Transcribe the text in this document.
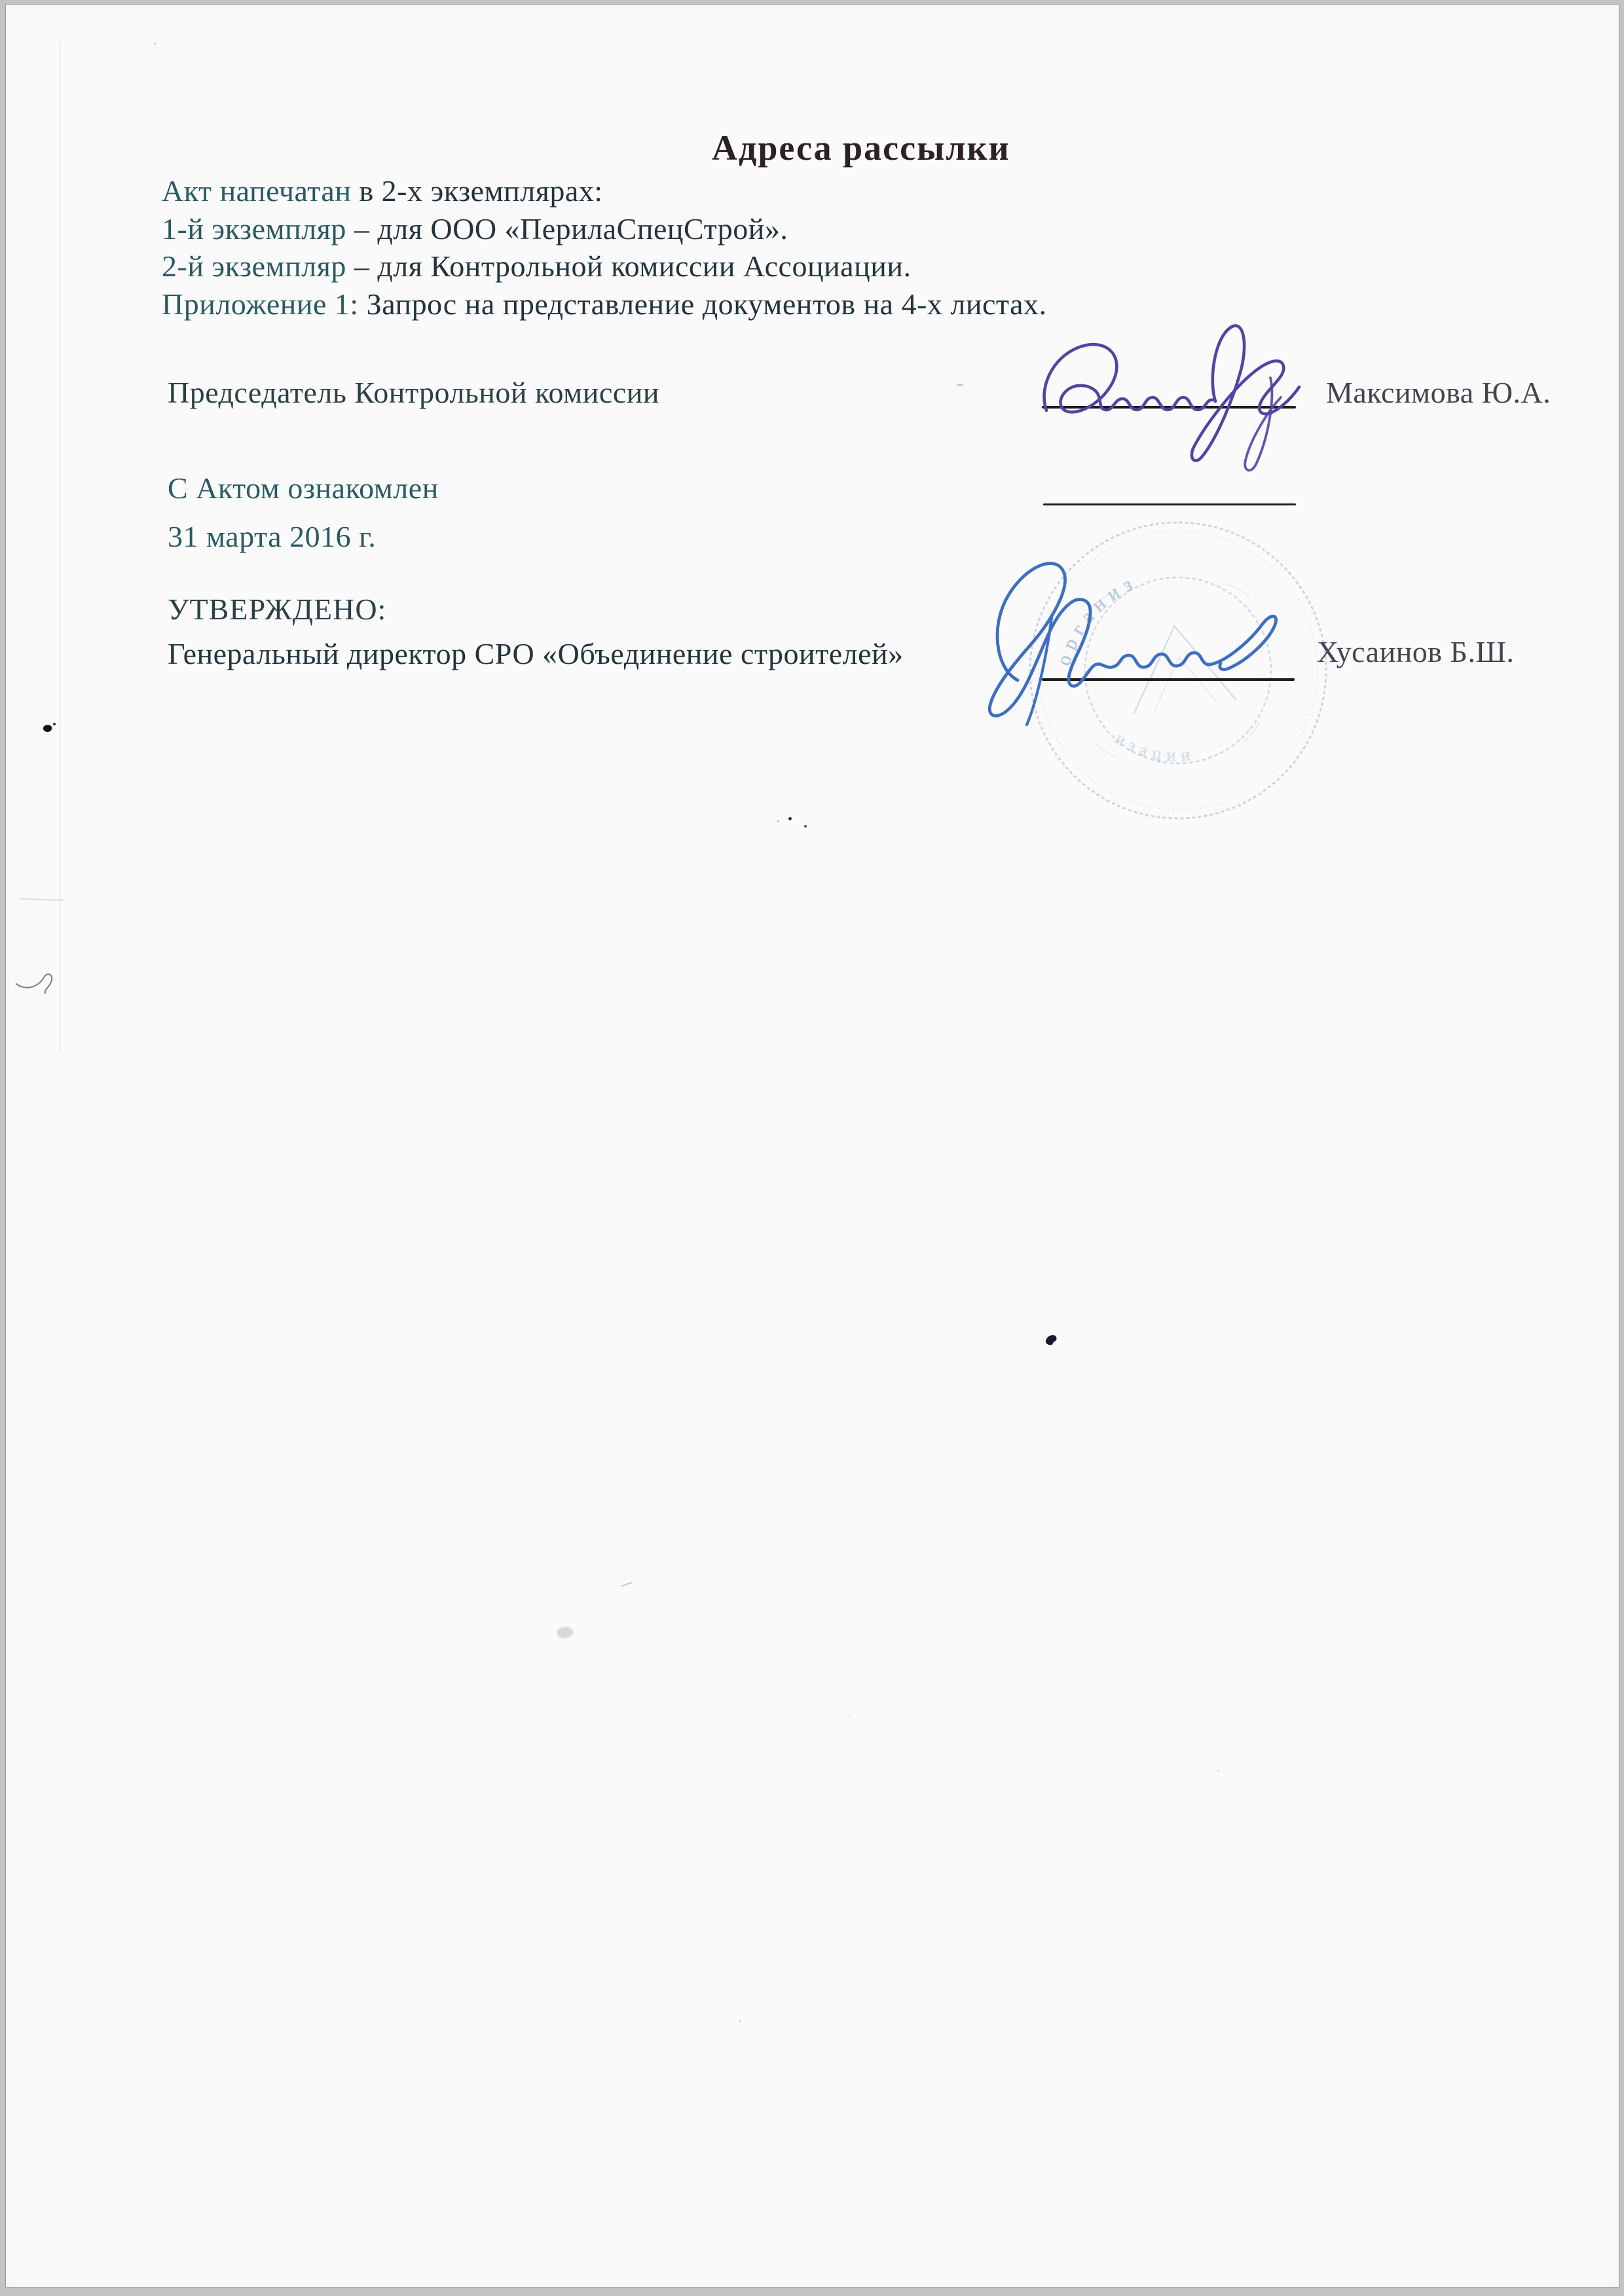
Адреса рассылки
Акт напечатан в 2-х экземплярах:
1-й экземпляр – для ООО «ПерилаСпецСтрой».
2-й экземпляр – для Контрольной комиссии Ассоциации.
Приложение 1: Запрос на представление документов на 4-х листах.
организ
изации
Председатель Контрольной комиссии	Максимова Ю.А.
С Актом ознакомлен
31 марта 2016 г.
УТВЕРЖДЕНО:
Генеральный директор СРО «Объединение строителей»	Хусаинов Б.Ш.
